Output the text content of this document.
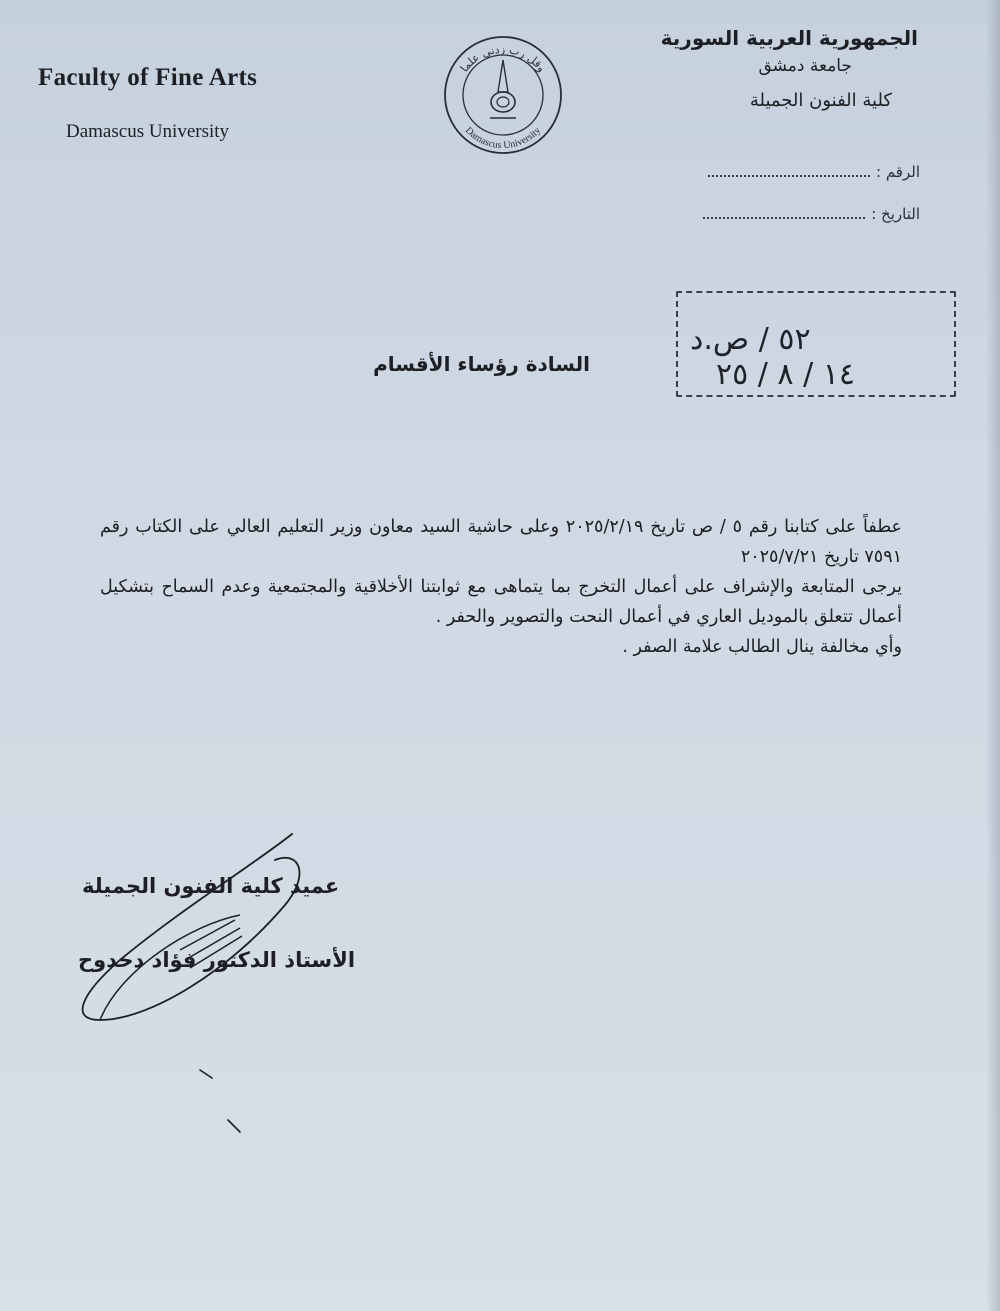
Faculty of Fine Arts
Damascus University
وقل رب زدني علما
Damascus University
الجمهورية العربية السورية
جامعة دمشق
كلية الفنون الجميلة
الرقم :
التاريخ :
٥٢ / ص.د
١٤ / ٨ / ٢٥
السادة رؤساء الأقسام

عطفاً على كتابنا رقم ٥ / ص تاريخ ٢٠٢٥/٢/١٩ وعلى حاشية السيد معاون وزير التعليم العالي على الكتاب رقم ٧٥٩١ تاريخ ٢٠٢٥/٧/٢١

يرجى المتابعة والإشراف على أعمال التخرج بما يتماهى مع ثوابتنا الأخلاقية والمجتمعية وعدم السماح بتشكيل أعمال تتعلق بالموديل العاري في أعمال النحت والتصوير والحفر .

وأي مخالفة ينال الطالب علامة الصفر .

عميد كلية الفنون الجميلة
الأستاذ الدكتور فؤاد دحدوح
